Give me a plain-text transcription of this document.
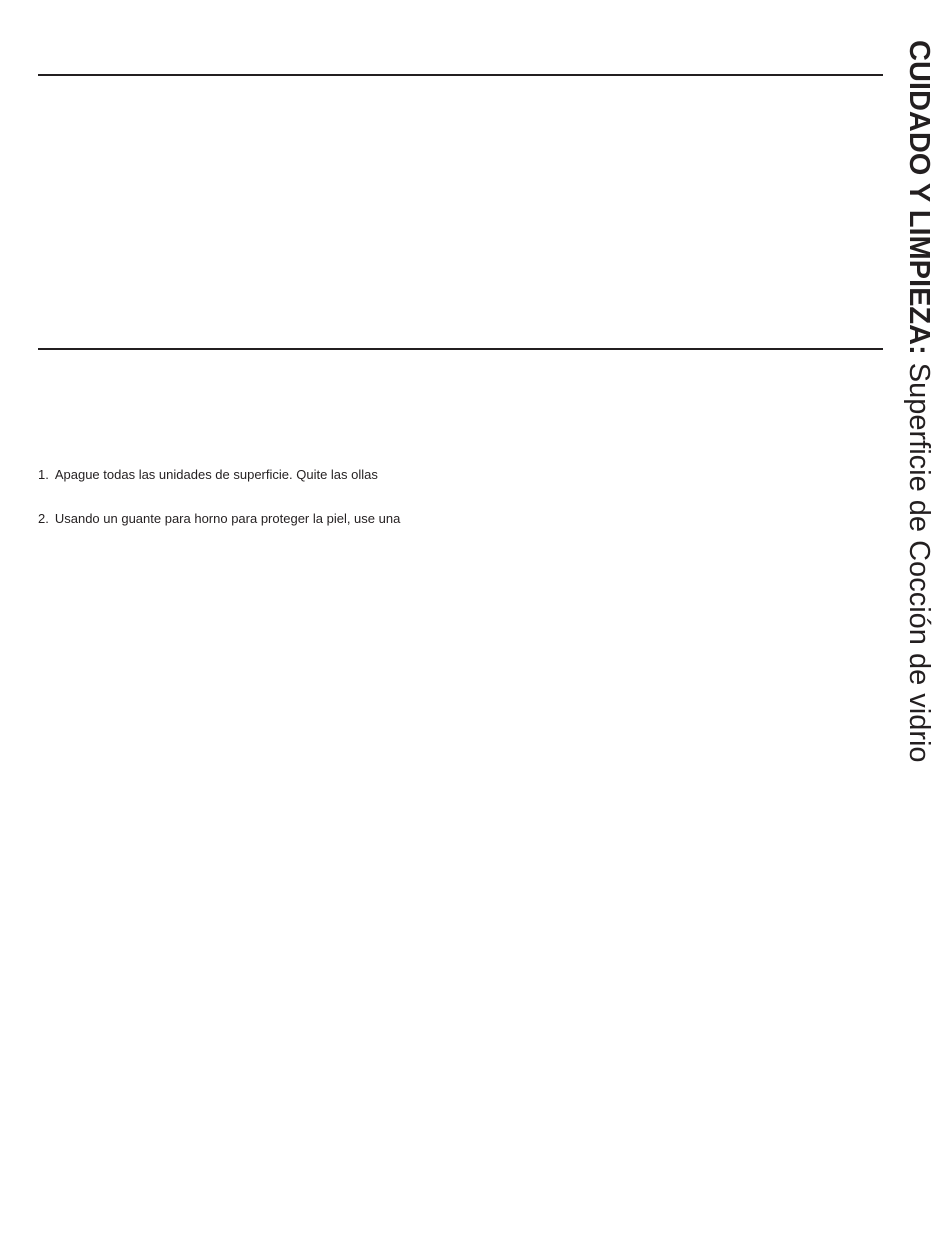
1. Apague todas las unidades de superficie. Quite las ollas
2. Usando un guante para horno para proteger la piel, use una
CUIDADO Y LIMPIEZA: Superficie de Cocción de vidrio
